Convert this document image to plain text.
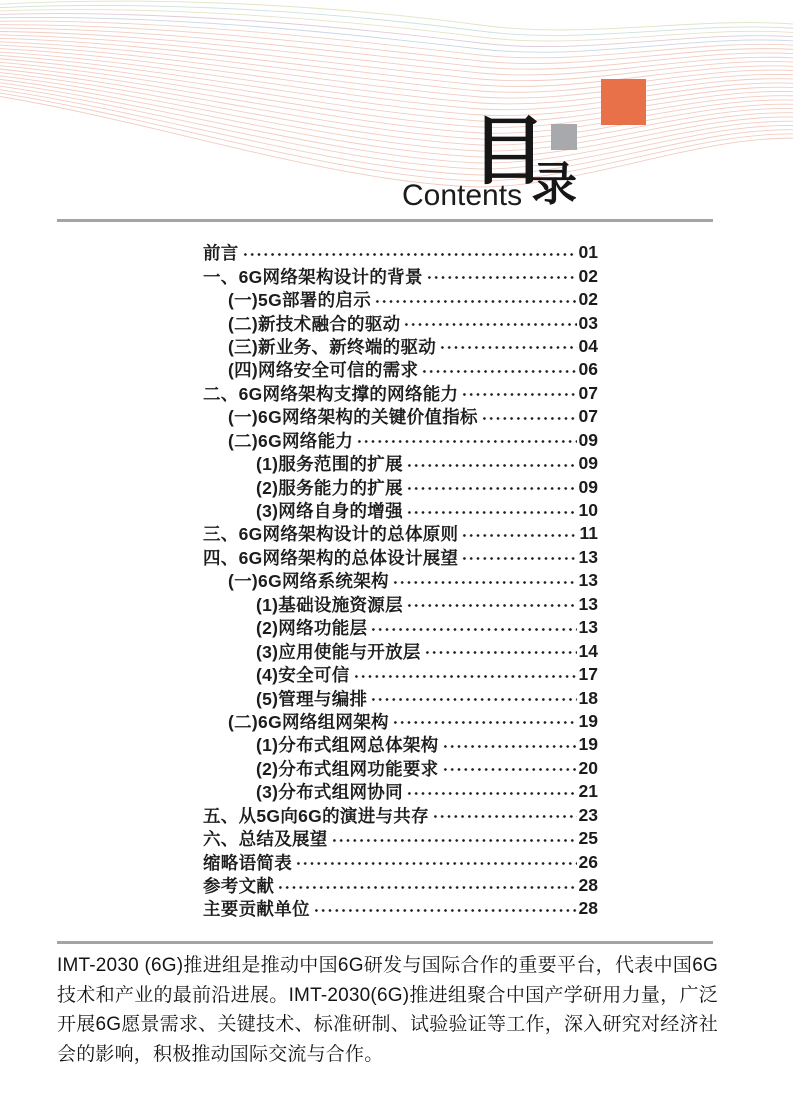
Contents
目
录
前言	01
一、6G网络架构设计的背景	02
(一)5G部署的启示	02
(二)新技术融合的驱动	03
(三)新业务、新终端的驱动	04
(四)网络安全可信的需求	06
二、6G网络架构支撑的网络能力	07
(一)6G网络架构的关键价值指标	07
(二)6G网络能力	09
(1)服务范围的扩展	09
(2)服务能力的扩展	09
(3)网络自身的增强	10
三、6G网络架构设计的总体原则	11
四、6G网络架构的总体设计展望	13
(一)6G网络系统架构	13
(1)基础设施资源层	13
(2)网络功能层	13
(3)应用使能与开放层	14
(4)安全可信	17
(5)管理与编排	18
(二)6G网络组网架构	19
(1)分布式组网总体架构	19
(2)分布式组网功能要求	20
(3)分布式组网协同	21
五、从5G向6G的演进与共存	23
六、总结及展望	25
缩略语简表	26
参考文献	28
主要贡献单位	28
IMT-2030 (6G)推进组是推动中国6G研发与国际合作的重要平台，代表中国6G技术和产业的最前沿进展。IMT-2030(6G)推进组聚合中国产学研用力量，广泛开展6G愿景需求、关键技术、标准研制、试验验证等工作，深入研究对经济社会的影响，积极推动国际交流与合作。
